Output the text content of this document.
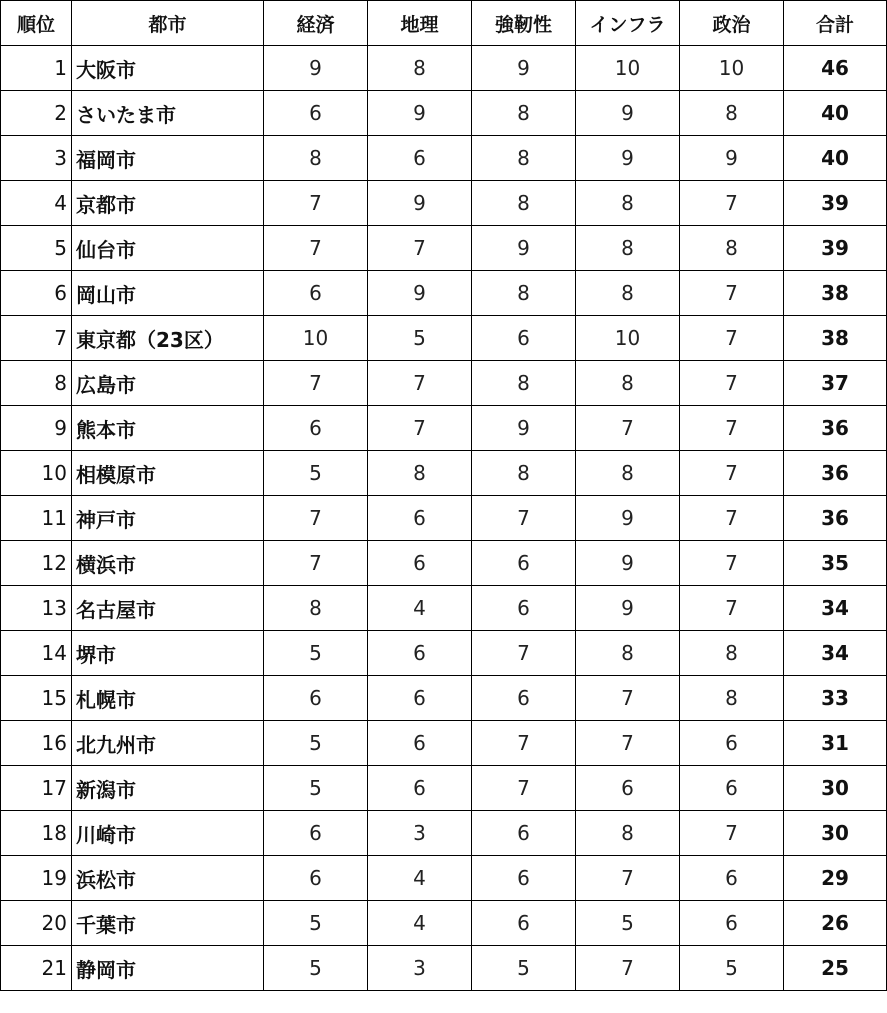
順位	都市	経済	地理	強靭性	インフラ	政治	合計
1	大阪市	9	8	9	10	10	46
2	さいたま市	6	9	8	9	8	40
3	福岡市	8	6	8	9	9	40
4	京都市	7	9	8	8	7	39
5	仙台市	7	7	9	8	8	39
6	岡山市	6	9	8	8	7	38
7	東京都（23区）	10	5	6	10	7	38
8	広島市	7	7	8	8	7	37
9	熊本市	6	7	9	7	7	36
10	相模原市	5	8	8	8	7	36
11	神戸市	7	6	7	9	7	36
12	横浜市	7	6	6	9	7	35
13	名古屋市	8	4	6	9	7	34
14	堺市	5	6	7	8	8	34
15	札幌市	6	6	6	7	8	33
16	北九州市	5	6	7	7	6	31
17	新潟市	5	6	7	6	6	30
18	川崎市	6	3	6	8	7	30
19	浜松市	6	4	6	7	6	29
20	千葉市	5	4	6	5	6	26
21	静岡市	5	3	5	7	5	25
